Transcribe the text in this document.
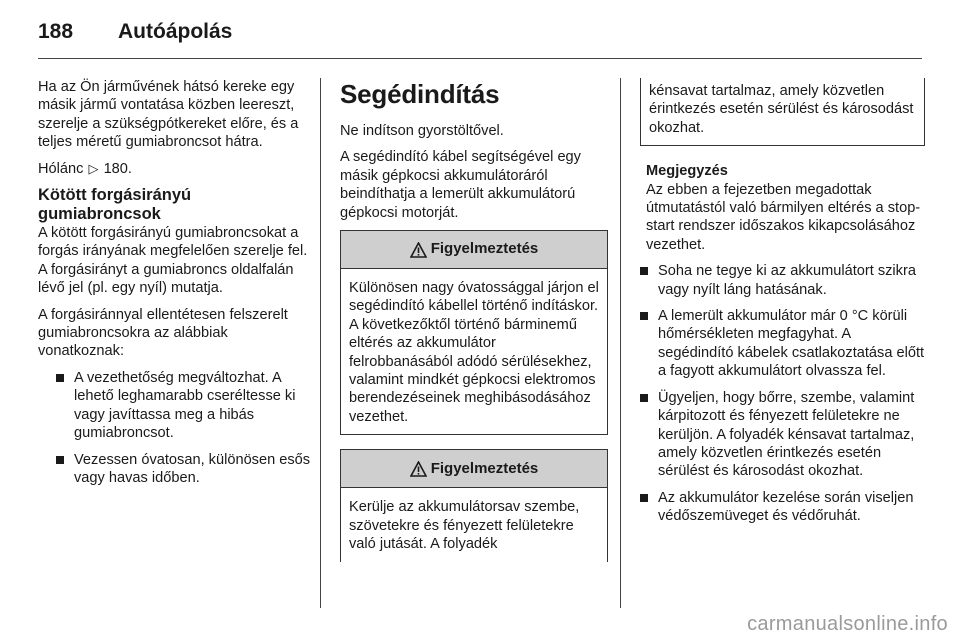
188	Autóápolás

Ha az Ön járművének hátsó kereke egy másik jármű vontatása közben leereszt, szerelje a szükségpótkereket előre, és a teljes méretű gumiabroncsot hátra.

Hólánc ▷ 180.

Kötött forgásirányú gumiabroncsok

A kötött forgásirányú gumiabroncsokat a forgás irányának megfelelően szerelje fel. A forgásirányt a gumiabroncs oldalfalán lévő jel (pl. egy nyíl) mutatja.

A forgásiránnyal ellentétesen felszerelt gumiabroncsokra az alábbiak vonatkoznak:

A vezethetőség megváltozhat. A lehető leghamarabb cseréltesse ki vagy javíttassa meg a hibás gumiabroncsot.
Vezessen óvatosan, különösen esős vagy havas időben.
Segédindítás

Ne indítson gyorstöltővel.

A segédindító kábel segítségével egy másik gépkocsi akkumulátoráról beindíthatja a lemerült akkumulátorú gépkocsi motorját.

Figyelmeztetés
Különösen nagy óvatossággal járjon el segédindító kábellel történő indításkor. A következőktől történő bárminemű eltérés az akkumulátor felrobbanásából adódó sérülésekhez, valamint mindkét gépkocsi elektromos berendezéseinek meghibásodásához vezethet.
Figyelmeztetés
Kerülje az akkumulátorsav szembe, szövetekre és fényezett felületekre való jutását. A folyadék
kénsavat tartalmaz, amely közvetlen érintkezés esetén sérülést és károsodást okozhat.
Megjegyzés
Az ebben a fejezetben megadottak útmutatástól való bármilyen eltérés a stop-start rendszer időszakos kikapcsolásához vezethet.
Soha ne tegye ki az akkumulátort szikra vagy nyílt láng hatásának.
A lemerült akkumulátor már 0 °C körüli hőmérsékleten megfagyhat. A segédindító kábelek csatlakoztatása előtt a fagyott akkumulátort olvassza fel.
Ügyeljen, hogy bőrre, szembe, valamint kárpitozott és fényezett felületekre ne kerüljön. A folyadék kénsavat tartalmaz, amely közvetlen érintkezés esetén sérülést és károsodást okozhat.
Az akkumulátor kezelése során viseljen védőszemüveget és védőruhát.
carmanualsonline.info
